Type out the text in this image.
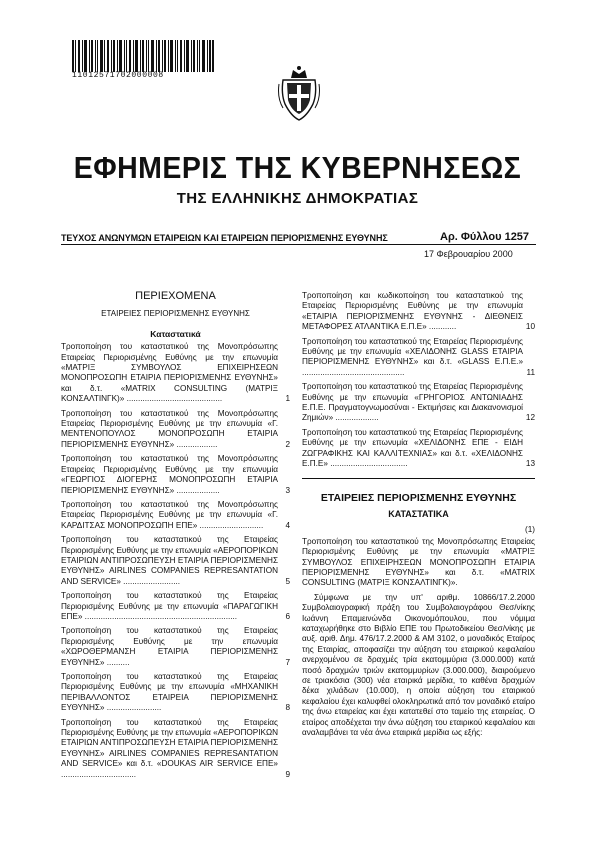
11012571702000008
ΕΦΗΜΕΡΙΣ ΤΗΣ ΚΥΒΕΡΝΗΣΕΩΣ
ΤΗΣ ΕΛΛΗΝΙΚΗΣ ΔΗΜΟΚΡΑΤΙΑΣ
ΤΕΥΧΟΣ ΑΝΩΝΥΜΩΝ ΕΤΑΙΡΕΙΩΝ ΚΑΙ ΕΤΑΙΡΕΙΩΝ ΠΕΡΙΟΡΙΣΜΕΝΗΣ ΕΥΘΥΝΗΣ	Αρ. Φύλλου 1257
17 Φεβρουαρίου 2000
ΠΕΡΙΕΧΟΜΕΝΑ
ΕΤΑΙΡΕΙΕΣ ΠΕΡΙΟΡΙΣΜΕΝΗΣ ΕΥΘΥΝΗΣ
Καταστατικά
Τροποποίηση του καταστατικού της Μονοπρόσωπης Εταιρείας Περιορισμένης Ευθύνης με την επωνυμία «ΜΑΤΡΙΞ ΣΥΜΒΟΥΛΟΣ ΕΠΙΧΕΙΡΗΣΕΩΝ ΜΟΝΟΠΡΟΣΩΠΗ ΕΤΑΙΡΙΑ ΠΕΡΙΟΡΙΣΜΕΝΗΣ ΕΥΘΥΝΗΣ» και δ.τ. «MATRIX CONSULTING (ΜΑΤΡΙΞ ΚΟΝΣΑΛΤΙΝΓΚ)» ..........................................	1
Τροποποίηση του καταστατικού της Μονοπρόσωπης Εταιρείας Περιορισμένης Ευθύνης με την επωνυμία «Γ. ΜΕΝΤΕΝΟΠΟΥΛΟΣ ΜΟΝΟΠΡΟΣΩΠΗ ΕΤΑΙΡΙΑ ΠΕΡΙΟΡΙΣΜΕΝΗΣ ΕΥΘΥΝΗΣ» ..................	2
Τροποποίηση του καταστατικού της Μονοπρόσωπης Εταιρείας Περιορισμένης Ευθύνης με την επωνυμία «ΓΕΩΡΓΙΟΣ ΔΙΟΓΕΡΗΣ ΜΟΝΟΠΡΟΣΩΠΗ ΕΤΑΙΡΙΑ ΠΕΡΙΟΡΙΣΜΕΝΗΣ ΕΥΘΥΝΗΣ» ...................	3
Τροποποίηση του καταστατικού της Μονοπρόσωπης Εταιρείας Περιορισμένης Ευθύνης με την επωνυμία «Γ. ΚΑΡΔΙΤΣΑΣ ΜΟΝΟΠΡΟΣΩΠΗ ΕΠΕ» ............................	4
Τροποποίηση του καταστατικού της Εταιρείας Περιορισμένης Ευθύνης με την επωνυμία «ΑΕΡΟΠΟΡΙΚΩΝ ΕΤΑΙΡΙΩΝ ΑΝΤΙΠΡΟΣΩΠΕΥΣΗ ΕΤΑΙΡΙΑ ΠΕΡΙΟΡΙΣΜΕΝΗΣ ΕΥΘΥΝΗΣ» AIRLINES COMPANIES REPRESANTATION AND SERVICE» .........................	5
Τροποποίηση του καταστατικού της Εταιρείας Περιορισμένης Ευθύνης με την επωνυμία «ΠΑΡΑΓΩΓΙΚΗ ΕΠΕ» ...................................................................	6
Τροποποίηση του καταστατικού της Εταιρείας Περιορισμένης Ευθύνης με την επωνυμία «ΧΩΡΟΘΕΡΜΑΝΣΗ ΕΤΑΙΡΙΑ ΠΕΡΙΟΡΙΣΜΕΝΗΣ ΕΥΘΥΝΗΣ» ..........	7
Τροποποίηση του καταστατικού της Εταιρείας Περιορισμένης Ευθύνης με την επωνυμία «ΜΗΧΑΝΙΚΗ ΠΕΡΙΒΑΛΛΟΝΤΟΣ ΕΤΑΙΡΕΙΑ ΠΕΡΙΟΡΙΣΜΕΝΗΣ ΕΥΘΥΝΗΣ» ........................	8
Τροποποίηση του καταστατικού της Εταιρείας Περιορισμένης Ευθύνης με την επωνυμία «ΑΕΡΟΠΟΡΙΚΩΝ ΕΤΑΙΡΙΩΝ ΑΝΤΙΠΡΟΣΩΠΕΥΣΗ ΕΤΑΙΡΙΑ ΠΕΡΙΟΡΙΣΜΕΝΗΣ ΕΥΘΥΝΗΣ» AIRLINES COMPANIES REPRESANTATION AND SERVICE» και δ.τ. «DOUKAS AIR SERVICE ΕΠΕ» .................................	9
Τροποποίηση και κωδικοποίηση του καταστατικού της Εταιρείας Περιορισμένης Ευθύνης με την επωνυμία «ΕΤΑΙΡΙΑ ΠΕΡΙΟΡΙΣΜΕΝΗΣ ΕΥΘΥΝΗΣ - ΔΙΕΘΝΕΙΣ ΜΕΤΑΦΟΡΕΣ ΑΤΛΑΝΤΙΚΑ Ε.Π.Ε» ............	10
Τροποποίηση του καταστατικού της Εταιρείας Περιορισμένης Ευθύνης με την επωνυμία «ΧΕΛΙΔΟΝΗΣ GLASS ΕΤΑΙΡΙΑ ΠΕΡΙΟΡΙΣΜΕΝΗΣ ΕΥΘΥΝΗΣ» και δ.τ. «GLASS Ε.Π.Ε.» .............................................	11
Τροποποίηση του καταστατικού της Εταιρείας Περιορισμένης Ευθύνης με την επωνυμία «ΓΡΗΓΟΡΙΟΣ ΑΝΤΩΝΙΑΔΗΣ Ε.Π.Ε. Πραγματογνωμοσύναι - Εκτιμήσεις και Διακανονισμοί Ζημιών» ...................	12
Τροποποίηση του καταστατικού της Εταιρείας Περιορισμένης Ευθύνης με την επωνυμία «ΧΕΛΙΔΟΝΗΣ ΕΠΕ - ΕΙΔΗ ΖΩΓΡΑΦΙΚΗΣ ΚΑΙ ΚΑΛΛΙΤΕΧΝΙΑΣ» και δ.τ. «ΧΕΛΙΔΟΝΗΣ Ε.Π.Ε» ..................................	13
ΕΤΑΙΡΕΙΕΣ ΠΕΡΙΟΡΙΣΜΕΝΗΣ ΕΥΘΥΝΗΣ
ΚΑΤΑΣΤΑΤΙΚΑ
(1)
Τροποποίηση του καταστατικού της Μονοπρόσωπης Εταιρείας Περιορισμένης Ευθύνης με την επωνυμία «ΜΑΤΡΙΞ ΣΥΜΒΟΥΛΟΣ ΕΠΙΧΕΙΡΗΣΕΩΝ ΜΟΝΟΠΡΟΣΩΠΗ ΕΤΑΙΡΙΑ ΠΕΡΙΟΡΙΣΜΕΝΗΣ ΕΥΘΥΝΗΣ» και δ.τ. «MATRIX CONSULTING (ΜΑΤΡΙΞ ΚΟΝΣΑΛΤΙΝΓΚ)».
Σύμφωνα με την υπ' αριθμ. 10866/17.2.2000 Συμβολαιογραφική πράξη του Συμβολαιογράφου Θεσ/νίκης Ιωάννη Επαμεινώνδα Οικονομόπουλου, που νόμιμα καταχωρήθηκε στο Βιβλίο ΕΠΕ του Πρωτοδικείου Θεσ/νίκης με αυξ. αριθ. Δημ. 476/17.2.2000 & ΑΜ 3102, ο μοναδικός Εταίρος της Εταιρίας, αποφασίζει την αύξηση του εταιρικού κεφαλαίου ανερχομένου σε δραχμές τρία εκατομμύρια (3.000.000) κατά ποσό δραχμών τριών εκατομμυρίων (3.000.000), διαιρούμενο σε τριακόσια (300) νέα εταιρικά μερίδια, το καθένα δραχμών δέκα χιλιάδων (10.000), η οποία αύξηση του εταιρικού κεφαλαίου έχει καλυφθεί ολοκληρωτικά από τον μοναδικό εταίρο της άνω εταιρείας και έχει κατατεθεί στο ταμείο της εταιρείας. Ο εταίρος αποδέχεται την άνω αύξηση του εταιρικού κεφαλαίου και αναλαμβάνει τα νέα άνω εταιρικά μερίδια ως εξής:
